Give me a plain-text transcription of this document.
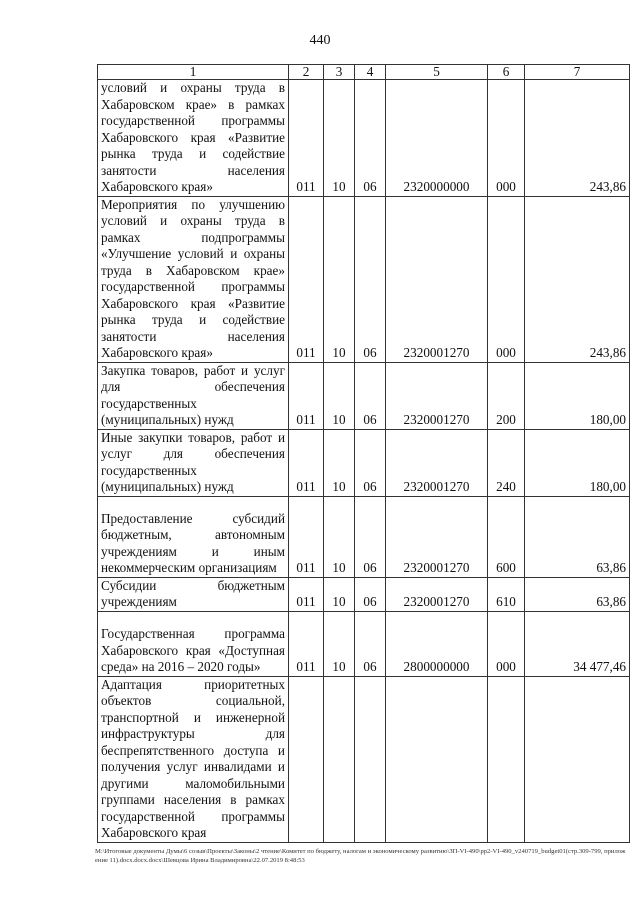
440
1	2	3	4	5	6	7
условий и охраны труда в Хабаровском крае» в рамках государственной программы Хабаровского края «Развитие рынка труда и содействие занятости населения Хабаровского края»	011	10	06	2320000000	000	243,86
Мероприятия по улучшению условий и охраны труда в рамках подпрограммы «Улучшение условий и охраны труда в Хабаровском крае» государственной программы Хабаровского края «Развитие рынка труда и содействие занятости населения Хабаровского края»	011	10	06	2320001270	000	243,86
Закупка товаров, работ и услуг для обеспечения государственных (муниципальных) нужд	011	10	06	2320001270	200	180,00
Иные закупки товаров, работ и услуг для обеспечения государственных (муниципальных) нужд	011	10	06	2320001270	240	180,00
Предоставление субсидий бюджетным, автономным учреждениям и иным некоммерческим организациям	011	10	06	2320001270	600	63,86
Субсидии бюджетным учреждениям	011	10	06	2320001270	610	63,86
Государственная программа Хабаровского края «Доступная среда» на 2016 – 2020 годы»	011	10	06	2800000000	000	34 477,46
Адаптация приоритетных объектов социальной, транспортной и инженерной инфраструктуры для беспрепятственного доступа и получения услуг инвалидами и другими маломобильными группами населения в рамках государственной программы Хабаровского края						
M:\Итоговые документы Думы\6 созыв\Проекты\Законы\2 чтение\Комитет по бюджету, налогам и экономическому развитию\ЗП-VI-490\pp2-VI-490_v240719_budget01(стр.309-799, приложение 11).docx.docx.docx\Шевцова Ирина Владимировна\22.07.2019 8:48:53
